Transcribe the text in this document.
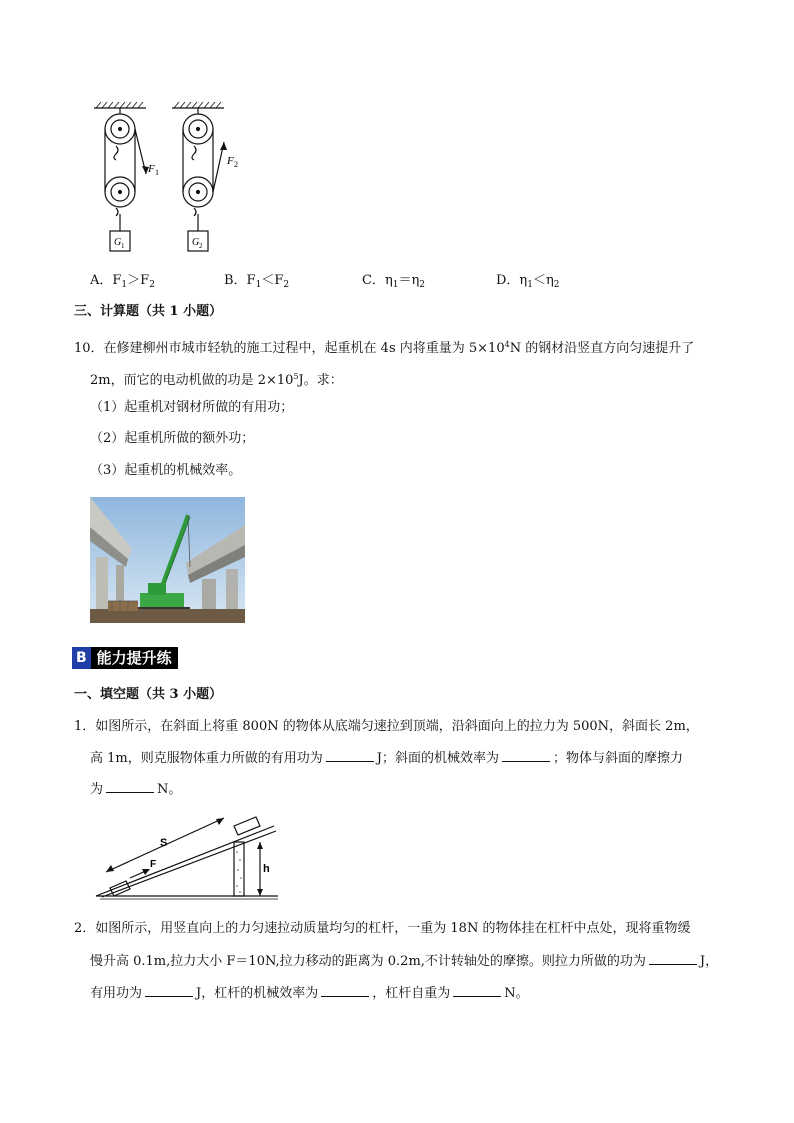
F 1
G 1
F 2
G 2
A．$F_1>F_2$	B．$F_1<F_2$	C．$\eta_1=\eta_2$	D．$\eta_1<\eta_2$
三、计算题（共 1 小题）
10．在修建柳州市城市轻轨的施工过程中，起重机在 4s 内将重量为 $5\times 10^4N$ 的钢材沿竖直方向匀速提升了
2m，而它的电动机做的功是 $2\times 10^5J$。求：
（1）起重机对钢材所做的有用功；
（2）起重机所做的额外功；
（3）起重机的机械效率。
B 能力提升练
一、填空题（共 3 小题）
1．如图所示，在斜面上将重 800N 的物体从底端匀速拉到顶端，沿斜面向上的拉力为 500N，斜面长 2m，
高 1m，则克服物体重力所做的有用功为	J；斜面的机械效率为	；物体与斜面的摩擦力
为	N。
S
F	h
2．如图所示，用竖直向上的力匀速拉动质量均匀的杠杆，一重为 18N 的物体挂在杠杆中点处，现将重物缓
慢升高 0.1m,拉力大小 F＝10N,拉力移动的距离为 0.2m,不计转轴处的摩擦。则拉力所做的功为	J，
有用功为	J，杠杆的机械效率为	，杠杆自重为	N。
